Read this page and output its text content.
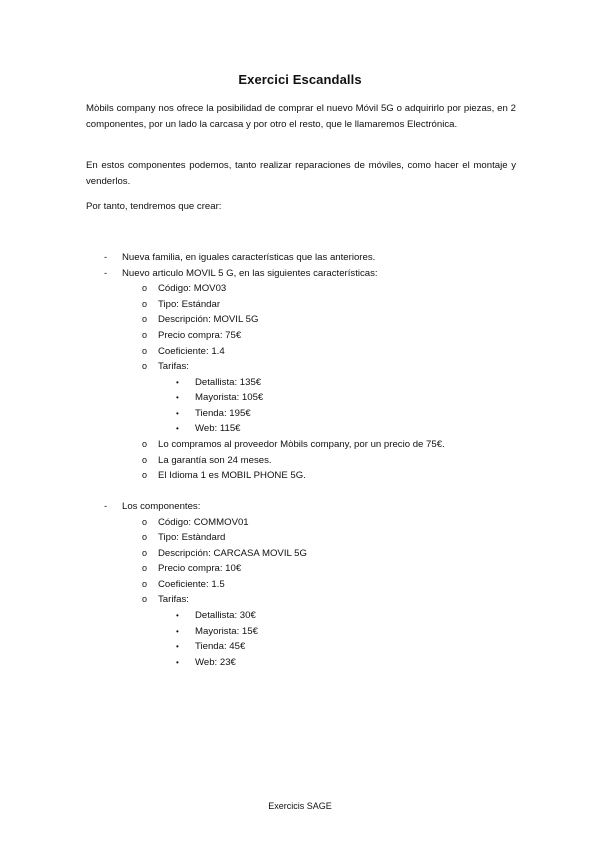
Exercici Escandalls
Mòbils company nos ofrece la posibilidad de comprar el nuevo Móvil 5G o adquirirlo por piezas, en 2 componentes, por un lado la carcasa y por otro el resto, que le llamaremos Electrónica.
En estos componentes podemos, tanto realizar reparaciones de móviles, como hacer el montaje y venderlos.
Por tanto, tendremos que crear:
- Nueva familia, en iguales características que las anteriores.
- Nuevo articulo MOVIL 5 G, en las siguientes características:
o Código: MOV03
o Tipo: Estándar
o Descripción: MOVIL 5G
o Precio compra: 75€
o Coeficiente: 1.4
o Tarifas:
• Detallista: 135€
• Mayorista: 105€
• Tienda: 195€
• Web: 115€
o Lo compramos al proveedor Mòbils company, por un precio de 75€.
o La garantía son 24 meses.
o El Idioma 1 es MOBIL PHONE 5G.
- Los componentes:
o Código: COMMOV01
o Tipo: Estàndard
o Descripción: CARCASA MOVIL 5G
o Precio compra: 10€
o Coeficiente: 1.5
o Tarifas:
• Detallista: 30€
• Mayorista: 15€
• Tienda: 45€
• Web: 23€
Exercicis SAGE
